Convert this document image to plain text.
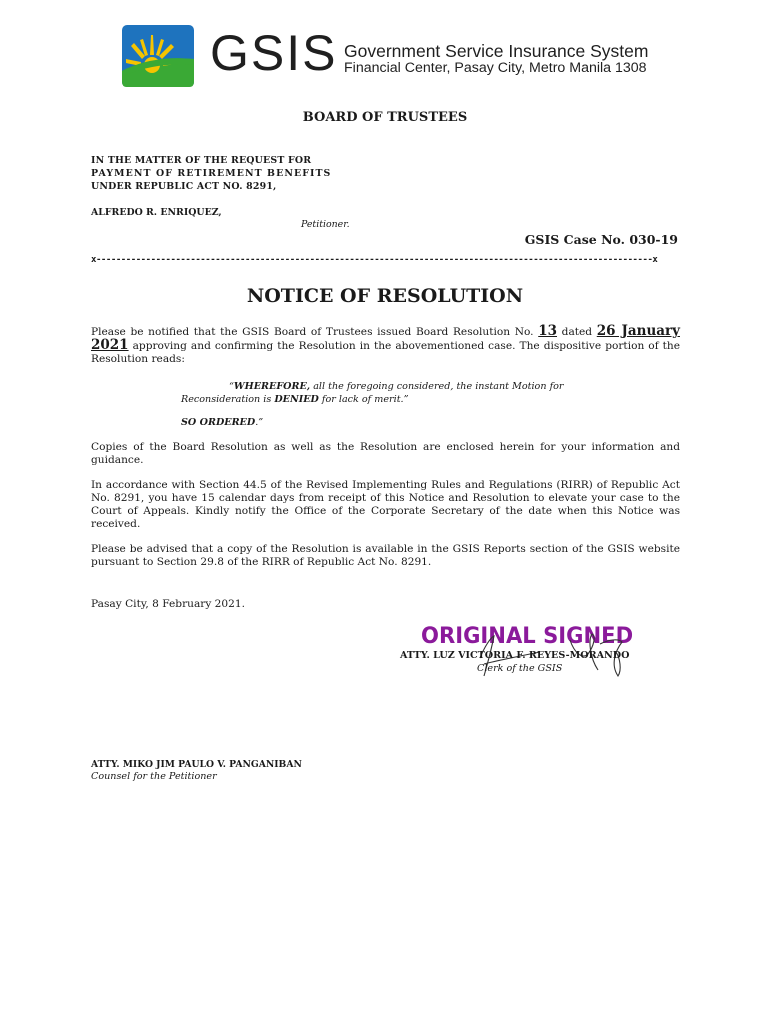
GSIS Government Service Insurance System
Financial Center, Pasay City, Metro Manila 1308
BOARD OF TRUSTEES
IN THE MATTER OF THE REQUEST FOR
PAYMENT OF RETIREMENT BENEFITS
UNDER REPUBLIC ACT NO. 8291,
ALFREDO R. ENRIQUEZ,
Petitioner.
GSIS Case No. 030-19
x----------------------------------------------------------------------------------------------------------------x
NOTICE OF RESOLUTION
Please be notified that the GSIS Board of Trustees issued Board Resolution No. 13 dated 26 January 2021 approving and confirming the Resolution in the abovementioned case. The dispositive portion of the Resolution reads:
“WHEREFORE, all the foregoing considered, the instant Motion for Reconsideration is DENIED for lack of merit.”
SO ORDERED.”
Copies of the Board Resolution as well as the Resolution are enclosed herein for your information and guidance.
In accordance with Section 44.5 of the Revised Implementing Rules and Regulations (RIRR) of Republic Act No. 8291, you have 15 calendar days from receipt of this Notice and Resolution to elevate your case to the Court of Appeals. Kindly notify the Office of the Corporate Secretary of the date when this Notice was received.
Please be advised that a copy of the Resolution is available in the GSIS Reports section of the GSIS website pursuant to Section 29.8 of the RIRR of Republic Act No. 8291.
Pasay City, 8 February 2021.
ORIGINAL SIGNED
ATTY. LUZ VICTORIA F. REYES-MORANDO
Clerk of the GSIS
ATTY. MIKO JIM PAULO V. PANGANIBAN
Counsel for the Petitioner
